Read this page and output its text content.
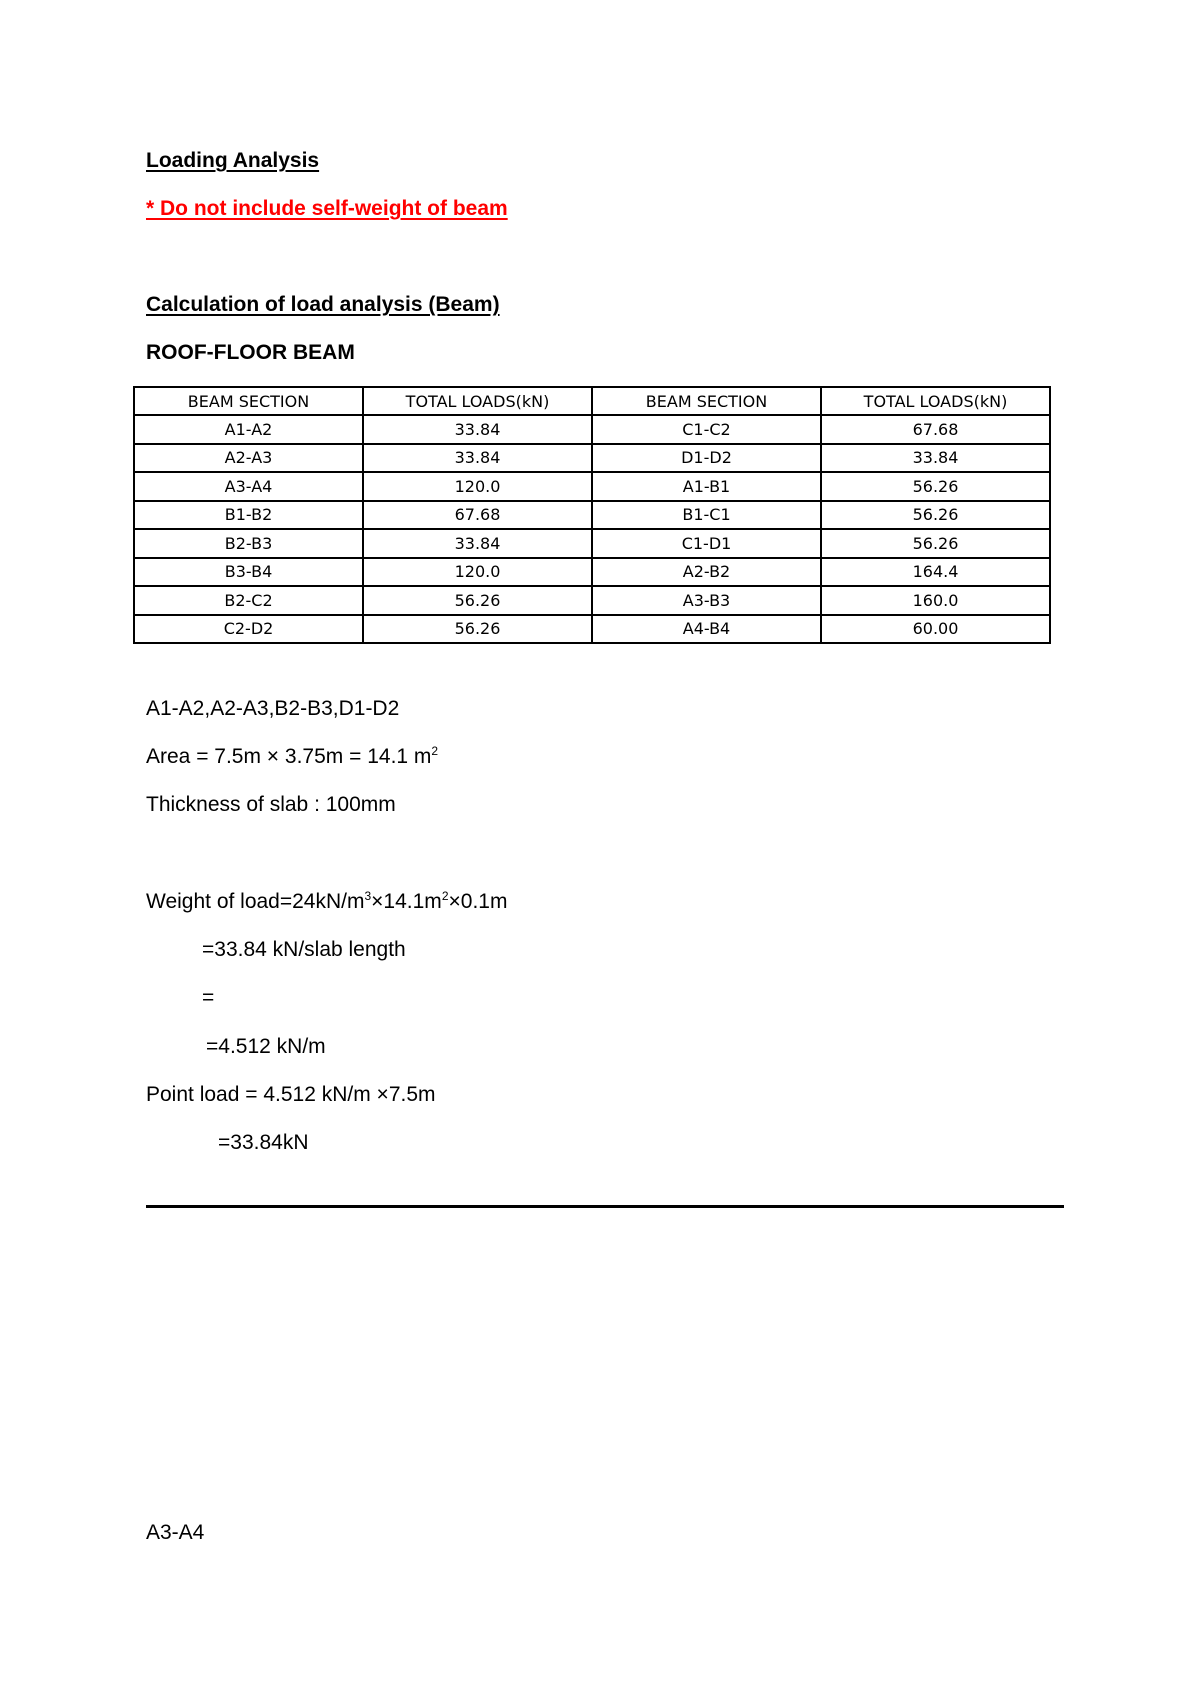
Loading Analysis
* Do not include self-weight of beam
Calculation of load analysis (Beam)
ROOF-FLOOR BEAM
BEAM SECTION	TOTAL LOADS(kN)	BEAM SECTION	TOTAL LOADS(kN)
A1-A2	33.84	C1-C2	67.68
A2-A3	33.84	D1-D2	33.84
A3-A4	120.0	A1-B1	56.26
B1-B2	67.68	B1-C1	56.26
B2-B3	33.84	C1-D1	56.26
B3-B4	120.0	A2-B2	164.4
B2-C2	56.26	A3-B3	160.0
C2-D2	56.26	A4-B4	60.00
A1-A2,A2-A3,B2-B3,D1-D2
Area = 7.5m × 3.75m = 14.1 $m^2$
Thickness of slab : 100mm
Weight of $load=24kN/m^3\times 14.1m^2\times 0.1m$
=33.84 kN/slab length
=
=4.512 kN/m
Point load = 4.512 kN/m ×7.5m
=33.84kN
A3-A4
